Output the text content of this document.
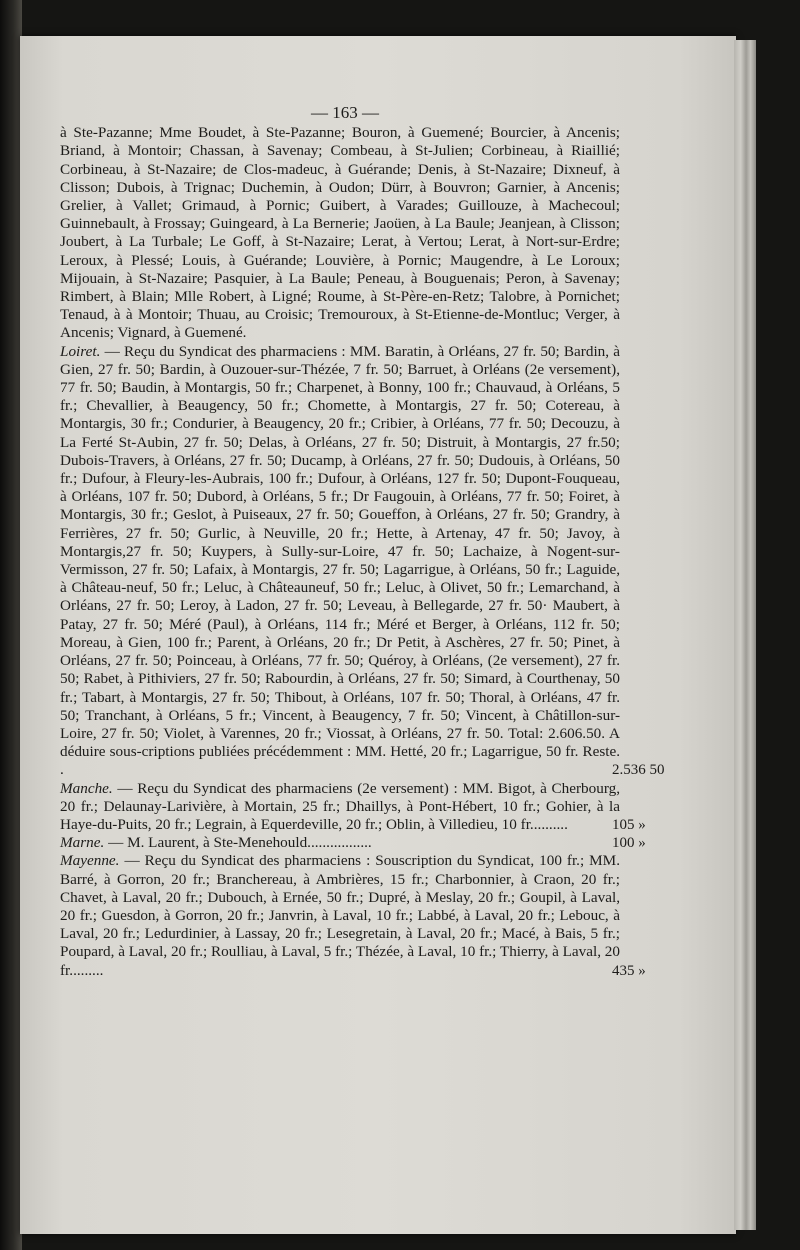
— 163 —

à Ste-Pazanne; Mme Boudet, à Ste-Pazanne; Bouron, à Guemené; Bourcier, à Ancenis; Briand, à Montoir; Chassan, à Savenay; Combeau, à St-Julien; Corbineau, à Riaillié; Corbineau, à St-Nazaire; de Clos-madeuc, à Guérande; Denis, à St-Nazaire; Dixneuf, à Clisson; Dubois, à Trignac; Duchemin, à Oudon; Dürr, à Bouvron; Garnier, à Ancenis; Grelier, à Vallet; Grimaud, à Pornic; Guibert, à Varades; Guillouze, à Machecoul; Guinnebault, à Frossay; Guingeard, à La Bernerie; Jaoüen, à La Baule; Jeanjean, à Clisson; Joubert, à La Turbale; Le Goff, à St-Nazaire; Lerat, à Vertou; Lerat, à Nort-sur-Erdre; Leroux, à Plessé; Louis, à Guérande; Louvière, à Pornic; Maugendre, à Le Loroux; Mijouain, à St-Nazaire; Pasquier, à La Baule; Peneau, à Bouguenais; Peron, à Savenay; Rimbert, à Blain; Mlle Robert, à Ligné; Roume, à St-Père-en-Retz; Talobre, à Pornichet; Tenaud, à à Montoir; Thuau, au Croisic; Tremouroux, à St-Etienne-de-Montluc; Verger, à Ancenis; Vignard, à Guemené.

Loiret. — Reçu du Syndicat des pharmaciens : MM. Baratin, à Orléans, 27 fr. 50; Bardin, à Gien, 27 fr. 50; Bardin, à Ouzouer-sur-Thézée, 7 fr. 50; Barruet, à Orléans (2e versement), 77 fr. 50; Baudin, à Montargis, 50 fr.; Charpenet, à Bonny, 100 fr.; Chauvaud, à Orléans, 5 fr.; Chevallier, à Beaugency, 50 fr.; Chomette, à Montargis, 27 fr. 50; Cotereau, à Montargis, 30 fr.; Condurier, à Beaugency, 20 fr.; Cribier, à Orléans, 77 fr. 50; Decouzu, à La Ferté St-Aubin, 27 fr. 50; Delas, à Orléans, 27 fr. 50; Distruit, à Montargis, 27 fr.50; Dubois-Travers, à Orléans, 27 fr. 50; Ducamp, à Orléans, 27 fr. 50; Dudouis, à Orléans, 50 fr.; Dufour, à Fleury-les-Aubrais, 100 fr.; Dufour, à Orléans, 127 fr. 50; Dupont-Fouqueau, à Orléans, 107 fr. 50; Dubord, à Orléans, 5 fr.; Dr Faugouin, à Orléans, 77 fr. 50; Foiret, à Montargis, 30 fr.; Geslot, à Puiseaux, 27 fr. 50; Goueffon, à Orléans, 27 fr. 50; Grandry, à Ferrières, 27 fr. 50; Gurlic, à Neuville, 20 fr.; Hette, à Artenay, 47 fr. 50; Javoy, à Montargis,27 fr. 50; Kuypers, à Sully-sur-Loire, 47 fr. 50; Lachaize, à Nogent-sur-Vermisson, 27 fr. 50; Lafaix, à Montargis, 27 fr. 50; Lagarrigue, à Orléans, 50 fr.; Laguide, à Château-neuf, 50 fr.; Leluc, à Châteauneuf, 50 fr.; Leluc, à Olivet, 50 fr.; Lemarchand, à Orléans, 27 fr. 50; Leroy, à Ladon, 27 fr. 50; Leveau, à Bellegarde, 27 fr. 50· Maubert, à Patay, 27 fr. 50; Méré (Paul), à Orléans, 114 fr.; Méré et Berger, à Orléans, 112 fr. 50; Moreau, à Gien, 100 fr.; Parent, à Orléans, 20 fr.; Dr Petit, à Aschères, 27 fr. 50; Pinet, à Orléans, 27 fr. 50; Poinceau, à Orléans, 77 fr. 50; Quéroy, à Orléans, (2e versement), 27 fr. 50; Rabet, à Pithiviers, 27 fr. 50; Rabourdin, à Orléans, 27 fr. 50; Simard, à Courthenay, 50 fr.; Tabart, à Montargis, 27 fr. 50; Thibout, à Orléans, 107 fr. 50; Thoral, à Orléans, 47 fr. 50; Tranchant, à Orléans, 5 fr.; Vincent, à Beaugency, 7 fr. 50; Vincent, à Châtillon-sur-Loire, 27 fr. 50; Violet, à Varennes, 20 fr.; Viossat, à Orléans, 27 fr. 50. Total: 2.606.50. A déduire sous-criptions publiées précédemment : MM. Hetté, 20 fr.; Lagarrigue, 50 fr. Reste. .	2.536 50

Manche. — Reçu du Syndicat des pharmaciens (2e versement) : MM. Bigot, à Cherbourg, 20 fr.; Delaunay-Larivière, à Mortain, 25 fr.; Dhaillys, à Pont-Hébert, 10 fr.; Gohier, à la Haye-du-Puits, 20 fr.; Legrain, à Equerdeville, 20 fr.; Oblin, à Villedieu, 10 fr..........	105 »

Marne. — M. Laurent, à Ste-Menehould.................	100 »

Mayenne. — Reçu du Syndicat des pharmaciens : Souscription du Syndicat, 100 fr.; MM. Barré, à Gorron, 20 fr.; Branchereau, à Ambrières, 15 fr.; Charbonnier, à Craon, 20 fr.; Chavet, à Laval, 20 fr.; Dubouch, à Ernée, 50 fr.; Dupré, à Meslay, 20 fr.; Goupil, à Laval, 20 fr.; Guesdon, à Gorron, 20 fr.; Janvrin, à Laval, 10 fr.; Labbé, à Laval, 20 fr.; Lebouc, à Laval, 20 fr.; Ledurdinier, à Lassay, 20 fr.; Lesegretain, à Laval, 20 fr.; Macé, à Bais, 5 fr.; Poupard, à Laval, 20 fr.; Roulliau, à Laval, 5 fr.; Thézée, à Laval, 10 fr.; Thierry, à Laval, 20 fr.........	435 »
